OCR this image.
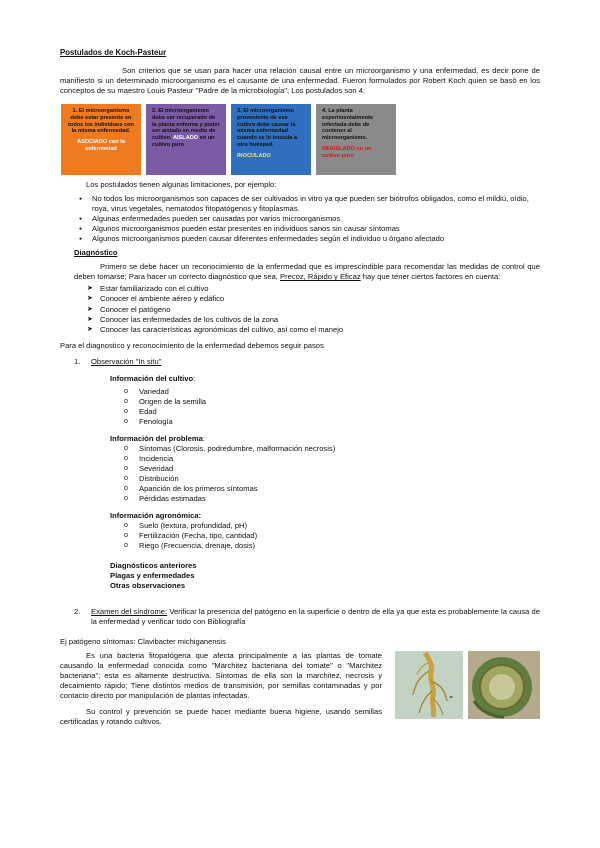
Postulados de Koch-Pasteur

Son criterios que se usan para hacer una relación causal entre un microorganismo y una enfermedad, es decir pone de manifiesto si un determinado microorganismo es el causante de una enfermedad. Fueron formulados por Robert Koch quien se basó en los conceptos de su maestro Louis Pasteur "Padre de la microbiología"; Los postulados son 4:

1. El microorganismo debe estar presente en todos los individuos con la misma enfermedad.
ASOCIADO con la enfermedad
2. El microorganismo debe ser recuperado de la planta enferma y poder ser aislado en medio de cultivo. AISLADO en un cultivo puro
3. El microorganismo proveniente de ese cultivo debe causar la misma enfermedad cuando se lo inocula a otro huésped.
INOCULADO
4. La planta experimentalmente infectada debe de contener al microorganismo.
REAISLADO en un cultivo puro

Los postulados tienen algunas limitaciones, por ejemplo:

● No todos los microorganismos son capaces de ser cultivados in vitro ya que pueden ser biótrofos obligados, como el mildiú, oídio, roya, virus vegetales, nematodos fitopatógenos y fitoplasmas.
● Algunas enfermedades pueden ser causadas por varios microorganismos
● Algunos microorganismos pueden estar presentes en individuos sanos sin causar síntomas
● Algunos microorganismos pueden causar diferentes enfermedades según el individuo u órgano afectado
Diagnóstico

Primero se debe hacer un reconocimiento de la enfermedad que es imprescindible para recomendar las medidas de control que deben tomarse; Para hacer un correcto diagnóstico que sea, Precoz, Rápido y Eficaz hay que tener ciertos factores en cuenta:

➤ Estar familiarizado con el cultivo
➤ Conocer el ambiente aéreo y edáfico
➤ Conocer el patógeno
➤ Conocer las enfermedades de los cultivos de la zona
➤ Conocer las características agronómicas del cultivo, así como el manejo

Para el diagnostico y reconocimiento de la enfermedad debemos seguir pasos

1. Observación "In situ"
Información del cultivo:
o Variedad
o Origen de la semilla
o Edad
o Fenología
Información del problema:
o Síntomas (Clorosis, podredumbre, malformación necrosis)
o Incidencia
o Severidad
o Distribución
o Aparición de los primeros síntomas
o Pérdidas estimadas
Información agronómica:
o Suelo (textura, profundidad, pH)
o Fertilización (Fecha, tipo, cantidad)
o Riego (Frecuencia, drenaje, dosis)
Diagnósticos anteriores
Plagas y enfermedades
Otras observaciones
2. Examen del síndrome: Verificar la presencia del patógeno en la superficie o dentro de ella ya que esta es probablemente la causa de la enfermedad y verificar todo con Bibliografía

Ej patógeno síntomas: Clavibacter michiganensis

Es una bacteria fitopatógena que afecta principalmente a las plantas de tomate causando la enfermedad conocida como "Marchitez bacteriana del tomate" o "Marchitez bacteriana"; esta es altamente destructiva. Síntomas de ella son la marchitez, necrosis y decaimiento rápido; Tiene distintos medios de transmisión, por semillas contaminadas y por contacto directo por manipulación de plantas infectadas.

Su control y prevención se puede hacer mediante buena higiene, usando semillas certificadas y rotando cultivos.
